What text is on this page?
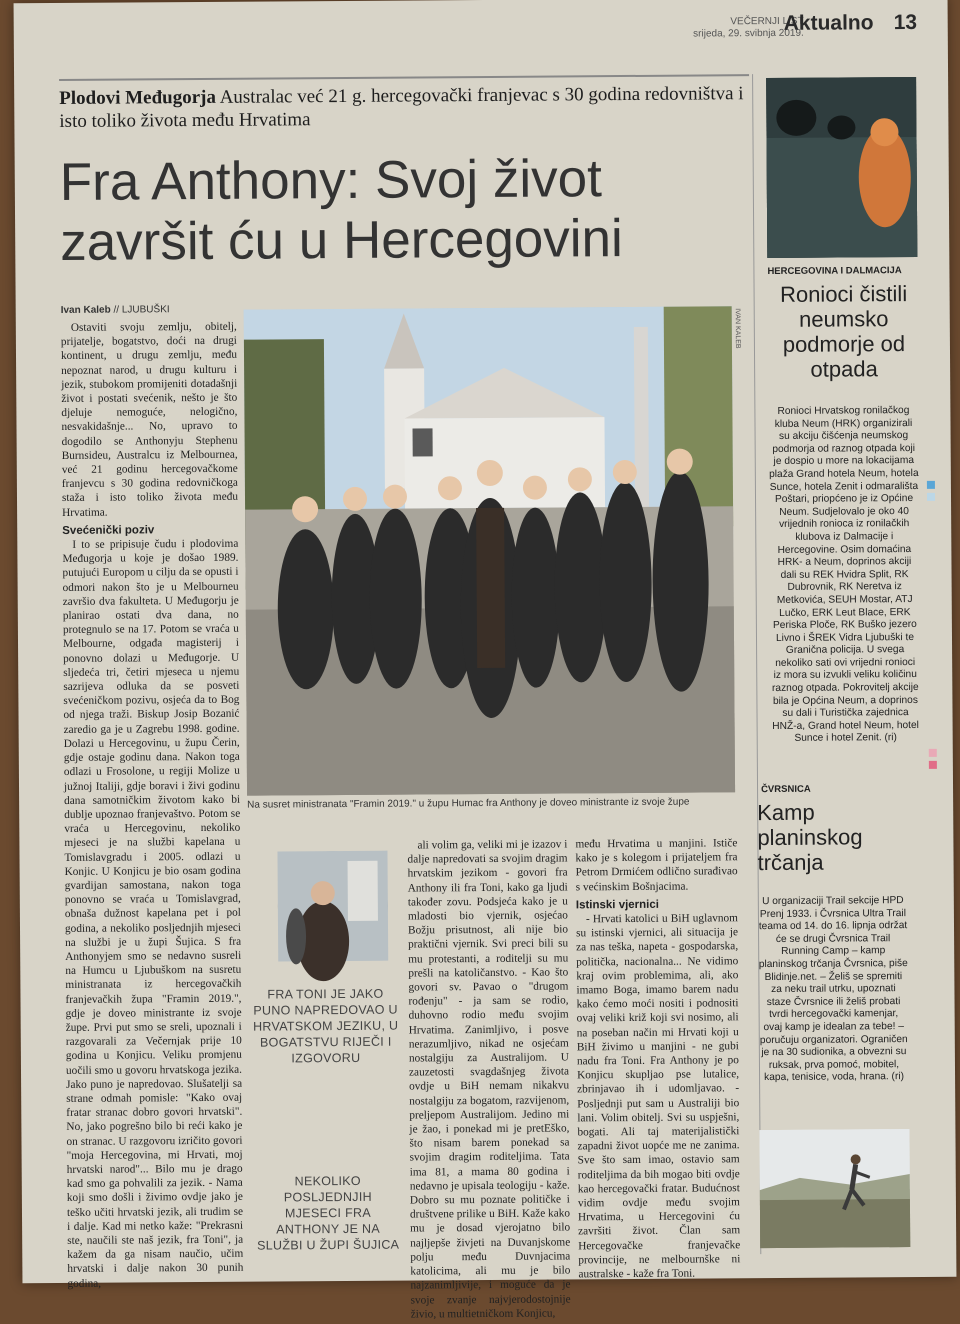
VEČERNJI LIST
srijeda, 29. svibnja 2019.
Aktualno 13
Plodovi Međugorja Australac već 21 g. hercegovački franjevac s 30 godina redovništva i isto toliko života među Hrvatima
Fra Anthony: Svoj život završit ću u Hercegovini
Ivan Kaleb // LJUBUŠKI

Ostaviti svoju zemlju, obitelj, prijatelje, bogatstvo, doći na drugi kontinent, u drugu zemlju, među nepoznat narod, u drugu kulturu i jezik, stubokom promijeniti dotadašnji život i postati svećenik, nešto je što djeluje nemoguće, nelogično, nesvakidašnje... No, upravo to dogodilo se Anthonyju Stephenu Burnsideu, Australcu iz Melbournea, već 21 godinu hercegovačkome franjevcu s 30 godina redovničkoga staža i isto toliko života među Hrvatima.

Svećenički poziv

I to se pripisuje čudu i plodovima Međugorja u koje je došao 1989. putujući Europom u cilju da se opusti i odmori nakon što je u Melbourneu završio dva fakulteta. U Međugorju je planirao ostati dva dana, no protegnulo se na 17. Potom se vraća u Melbourne, odgađa magisterij i ponovno dolazi u Međugorje. U sljedeća tri, četiri mjeseca u njemu sazrijeva odluka da se posveti svećeničkom pozivu, osjeća da to Bog od njega traži. Biskup Josip Bozanić zaredio ga je u Zagrebu 1998. godine. Dolazi u Hercegovinu, u župu Čerin, gdje ostaje godinu dana. Nakon toga odlazi u Frosolone, u regiji Molize u južnoj Italiji, gdje boravi i živi godinu dana samotničkim životom kako bi dublje upoznao franjevaštvo. Potom se vraća u Hercegovinu, nekoliko mjeseci je na službi kapelana u Tomislavgradu i 2005. odlazi u Konjic. U Konjicu je bio osam godina gvardijan samostana, nakon toga ponovno se vraća u Tomislavgrad, obnaša dužnost kapelana pet i pol godina, a nekoliko posljednjih mjeseci na službi je u župi Šujica. S fra Anthonyjem smo se nedavno susreli na Humcu u Ljubuškom na susretu ministranata iz hercegovačkih franjevačkih župa "Framin 2019.", gdje je doveo ministrante iz svoje župe. Prvi put smo se sreli, upoznali i razgovarali za Večernjak prije 10 godina u Konjicu. Veliku promjenu uočili smo u govoru hrvatskoga jezika. Jako puno je napredovao. Slušatelji sa strane odmah pomisle: "Kako ovaj fratar stranac dobro govori hrvatski". No, jako pogrešno bilo bi reći kako je on stranac. U razgovoru izričito govori "moja Hercegovina, mi Hrvati, moj hrvatski narod"... Bilo mu je drago kad smo ga pohvalili za jezik. - Nama koji smo došli i živimo ovdje jako je teško učiti hrvatski jezik, ali trudim se i dalje. Kad mi netko kaže: "Prekrasni ste, naučili ste naš jezik, fra Toni", ja kažem da ga nisam naučio, učim hrvatski i dalje nakon 30 punih godina,

IVAN KALEB
Na susret ministranata "Framin 2019." u župu Humac fra Anthony je doveo ministrante iz svoje župe
FRA TONI JE JAKO PUNO NAPREDOVAO U HRVATSKOM JEZIKU, U BOGATSTVU RIJEČI I IZGOVORU
NEKOLIKO POSLJEDNJIH MJESECI FRA ANTHONY JE NA SLUŽBI U ŽUPI ŠUJICA

ali volim ga, veliki mi je izazov i dalje napredovati sa svojim dragim hrvatskim jezikom - govori fra Anthony ili fra Toni, kako ga ljudi također zovu. Podsjeća kako je u mladosti bio vjernik, osjećao Božju prisutnost, ali nije bio praktični vjernik. Svi preci bili su mu protestanti, a roditelji su mu prešli na katoličanstvo. - Kao što govori sv. Pavao o "drugom rođenju" - ja sam se rodio, duhovno rodio među svojim Hrvatima. Zanimljivo, i posve nerazumljivo, nikad ne osjećam nostalgiju za Australijom. U zauzetosti svagdašnjeg života ovdje u BiH nemam nikakvu nostalgiju za bogatom, razvijenom, preljepom Australijom. Jedino mi je žao, i ponekad mi je pretEško, što nisam barem ponekad sa svojim dragim roditeljima. Tata ima 81, a mama 80 godina i nedavno je upisala teologiju - kaže. Dobro su mu poznate političke i društvene prilike u BiH. Kaže kako mu je dosad vjerojatno bilo najljepše živjeti na Duvanjskome polju među Duvnjacima katolicima, ali mu je bilo najzanimljivije, i mogućе da je svoje zvanje najvjerodostojnije živio, u multietničkom Konjicu,

među Hrvatima u manjini. Ističe kako je s kolegom i prijateljem fra Petrom Drmićem odlično surađivao s većinskim Bošnjacima.

Istinski vjernici

- Hrvati katolici u BiH uglavnom su istinski vjernici, ali situacija je za nas teška, napeta - gospodarska, politička, nacionalna... Ne vidimo kraj ovim problemima, ali, ako imamo Boga, imamo barem nadu kako ćemo moći nositi i podnositi ovaj veliki križ koji svi nosimo, ali na poseban način mi Hrvati koji u BiH živimo u manjini - ne gubi nadu fra Toni. Fra Anthony je po Konjicu skupljao pse lutalice, zbrinjavao ih i udomljavao. - Posljednji put sam u Australiji bio lani. Volim obitelj. Svi su uspješni, bogati. Ali taj materijalistički zapadni život uopće me ne zanima. Sve što sam imao, ostavio sam roditeljima da bih mogao biti ovdje kao hercegovački fratar. Budućnost vidim ovdje među svojim Hrvatima, u Hercegovini ću završiti život. Član sam Hercegovačke franjevačke provincije, ne melbournške ni australske - kaže fra Toni.

HERCEGOVINA I DALMACIJA
Ronioci čistili neumsko podmorje od otpada
Ronioci Hrvatskog ronilačkog kluba Neum (HRK) organizirali su akciju čišćenja neumskog podmorja od raznog otpada koji je dospio u more na lokacijama plaža Grand hotela Neum, hotela Sunce, hotela Zenit i odmarališta Poštari, priopćeno je iz Općine Neum. Sudjelovalo je oko 40 vrijednih ronioca iz ronilačkih klubova iz Dalmacije i Hercegovine. Osim domaćina HRK- a Neum, doprinos akciji dali su REK Hvidra Split, RK Dubrovnik, RK Neretva iz Metkovića, SEUH Mostar, ATJ Lučko, ERK Leut Blace, ERK Periska Ploče, RK Buško jezero Livno i ŠREK Vidra Ljubuški te Granična policija. U svega nekoliko sati ovi vrijedni ronioci iz mora su izvukli veliku količinu raznog otpada. Pokrovitelj akcije bila je Općina Neum, a doprinos su dali i Turistička zajednica HNŽ-a, Grand hotel Neum, hotel Sunce i hotel Zenit. (ri)
ČVRSNICA
Kamp planinskog trčanja
U organizaciji Trail sekcije HPD Prenj 1933. i Čvrsnica Ultra Trail teama od 14. do 16. lipnja održat će se drugi Čvrsnica Trail Running Camp – kamp planinskog trčanja Čvrsnica, piše Blidinje.net. – Želiš se spremiti za neku trail utrku, upoznati staze Čvrsnice ili želiš probati tvrdi hercegovački kamenjar, ovaj kamp je idealan za tebe! – poručuju organizatori. Ograničen je na 30 sudionika, a obvezni su ruksak, prva pomoć, mobitel, kapa, tenisice, voda, hrana. (ri)
